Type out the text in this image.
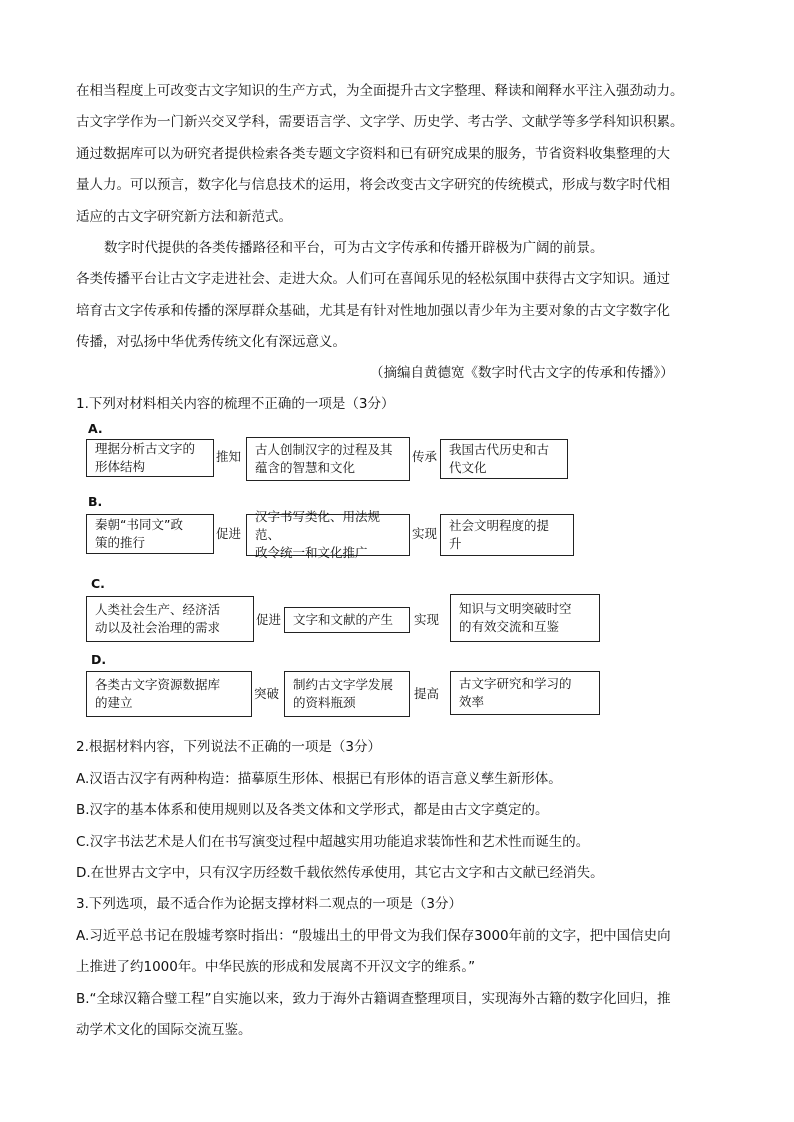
在相当程度上可改变古文字知识的生产方式，为全面提升古文字整理、释读和阐释水平注入强劲动力。
古文字学作为一门新兴交叉学科，需要语言学、文字学、历史学、考古学、文献学等多学科知识积累。
通过数据库可以为研究者提供检索各类专题文字资料和已有研究成果的服务，节省资料收集整理的大
量人力。可以预言，数字化与信息技术的运用，将会改变古文字研究的传统模式，形成与数字时代相
适应的古文字研究新方法和新范式。
数字时代提供的各类传播路径和平台，可为古文字传承和传播开辟极为广阔的前景。
各类传播平台让古文字走进社会、走进大众。人们可在喜闻乐见的轻松氛围中获得古文字知识。通过
培育古文字传承和传播的深厚群众基础，尤其是有针对性地加强以青少年为主要对象的古文字数字化
传播，对弘扬中华优秀传统文化有深远意义。
（摘编自黄德宽《数字时代古文字的传承和传播》）
1.下列对材料相关内容的梳理不正确的一项是（3分）
A.
理据分析古文字的
形体结构
推知	古人创制汉字的过程及其
蕴含的智慧和文化
传承 我国古代历史和古
代文化
B.
秦朝“书同文”政
策的推行
促进
汉字书写类化、用法规范、
政令统一和文化推广
实现
社会文明程度的提
升
C.
人类社会生产、经济活
动以及社会治理的需求
促进 文字和文献的产生	实现
知识与文明突破时空
的有效交流和互鉴
D.
各类古文字资源数据库
的建立
突破
制约古文字学发展
的资料瓶颈
提高
古文字研究和学习的
效率
2.根据材料内容，下列说法不正确的一项是（3分）
A.汉语古汉字有两种构造：描摹原生形体、根据已有形体的语言意义孳生新形体。
B.汉字的基本体系和使用规则以及各类文体和文学形式，都是由古文字奠定的。
C.汉字书法艺术是人们在书写演变过程中超越实用功能追求装饰性和艺术性而诞生的。
D.在世界古文字中，只有汉字历经数千载依然传承使用，其它古文字和古文献已经消失。
3.下列选项，最不适合作为论据支撑材料二观点的一项是（3分）
A.习近平总书记在殷墟考察时指出：“殷墟出土的甲骨文为我们保存3000年前的文字，把中国信史向
上推进了约1000年。中华民族的形成和发展离不开汉文字的维系。”
B.“全球汉籍合璧工程”自实施以来，致力于海外古籍调查整理项目，实现海外古籍的数字化回归，推
动学术文化的国际交流互鉴。
